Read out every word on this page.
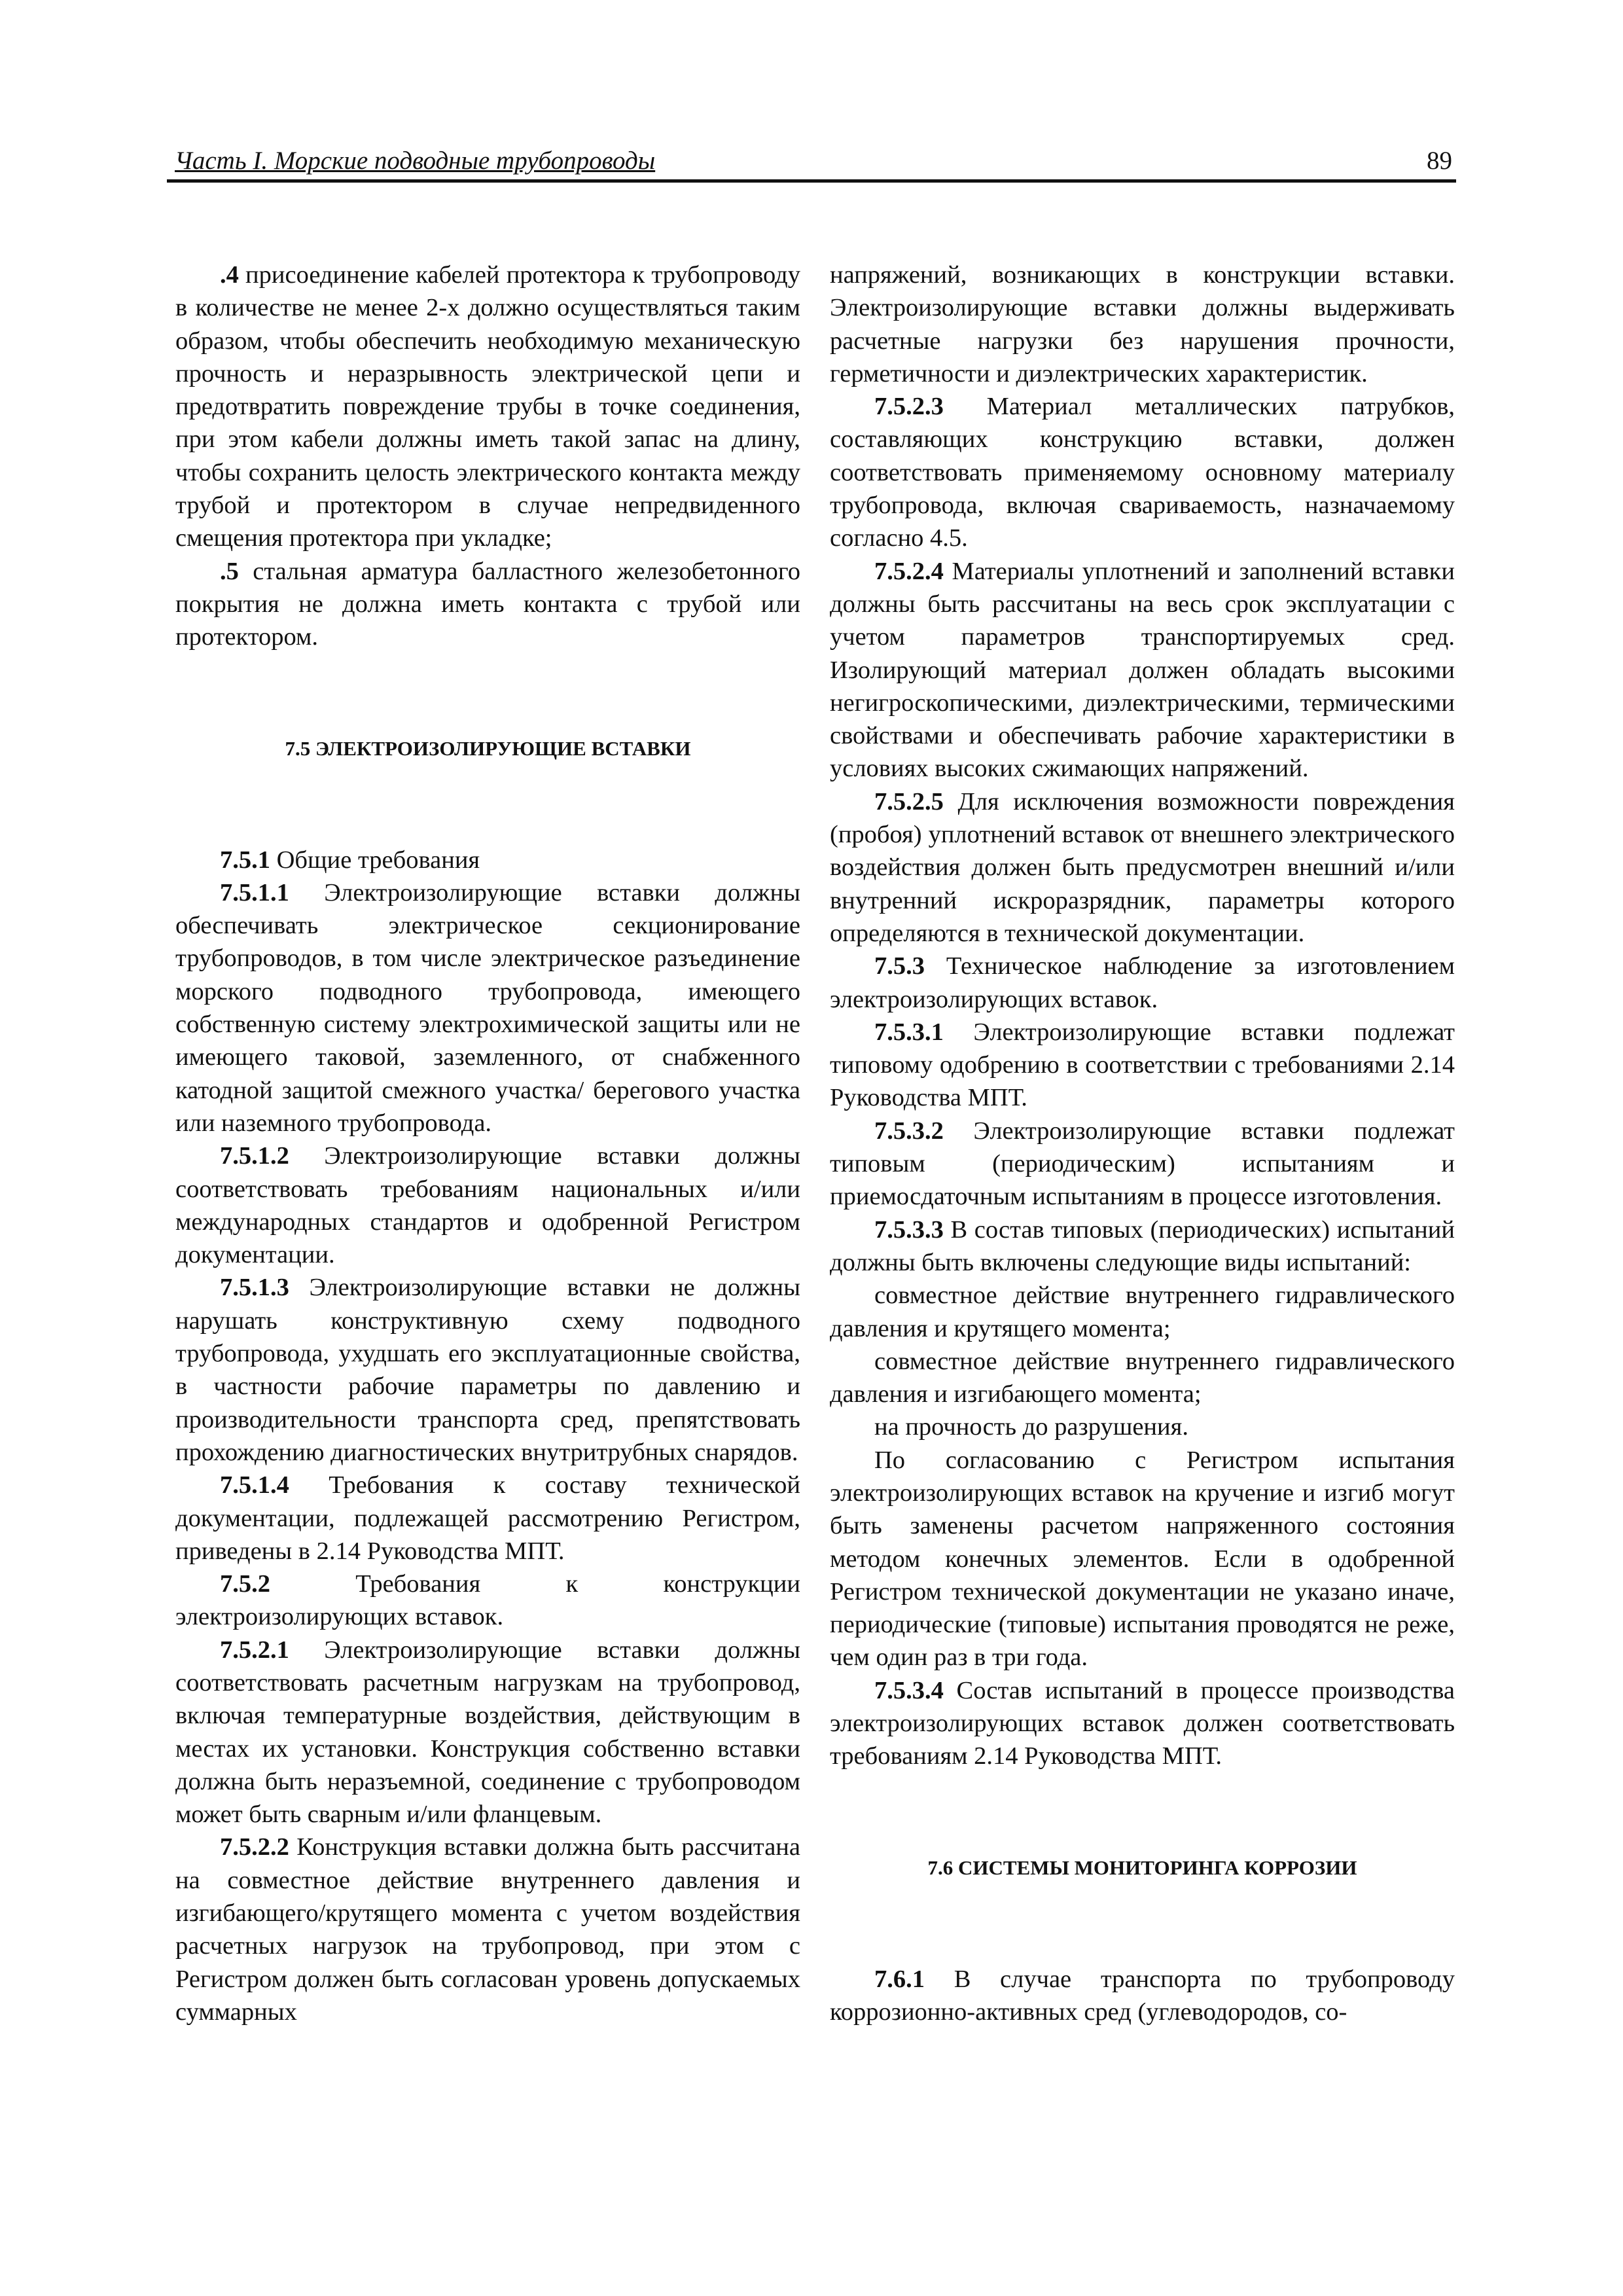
Часть I. Морские подводные трубопроводы	89

.4 присоединение кабелей протектора к трубопроводу в количестве не менее 2-х должно осуществляться таким образом, чтобы обеспечить необходимую механическую прочность и неразрывность электрической цепи и предотвратить повреждение трубы в точке соединения, при этом кабели должны иметь такой запас на длину, чтобы сохранить целость электрического контакта между трубой и протектором в случае непредвиденного смещения протектора при укладке;

.5 стальная арматура балластного железобетонного покрытия не должна иметь контакта с трубой или протектором.

7.5 ЭЛЕКТРОИЗОЛИРУЮЩИЕ ВСТАВКИ

7.5.1 Общие требования

7.5.1.1 Электроизолирующие вставки должны обеспечивать электрическое секционирование трубопроводов, в том числе электрическое разъединение морского подводного трубопровода, имеющего собственную систему электрохимической защиты или не имеющего таковой, заземленного, от снабженного катодной защитой смежного участка/ берегового участка или наземного трубопровода.

7.5.1.2 Электроизолирующие вставки должны соответствовать требованиям национальных и/или международных стандартов и одобренной Регистром документации.

7.5.1.3 Электроизолирующие вставки не должны нарушать конструктивную схему подводного трубопровода, ухудшать его эксплуатационные свойства, в частности рабочие параметры по давлению и производительности транспорта сред, препятствовать прохождению диагностических внутритрубных снарядов.

7.5.1.4 Требования к составу технической документации, подлежащей рассмотрению Регистром, приведены в 2.14 Руководства МПТ.

7.5.2 Требования к конструкции электроизолирующих вставок.

7.5.2.1 Электроизолирующие вставки должны соответствовать расчетным нагрузкам на трубопровод, включая температурные воздействия, действующим в местах их установки. Конструкция собственно вставки должна быть неразъемной, соединение с трубопроводом может быть сварным и/или фланцевым.

7.5.2.2 Конструкция вставки должна быть рассчитана на совместное действие внутреннего давления и изгибающего/крутящего момента с учетом воздействия расчетных нагрузок на трубопровод, при этом с Регистром должен быть согласован уровень допускаемых суммарных

напряжений, возникающих в конструкции вставки. Электроизолирующие вставки должны выдерживать расчетные нагрузки без нарушения прочности, герметичности и диэлектрических характеристик.

7.5.2.3 Материал металлических патрубков, составляющих конструкцию вставки, должен соответствовать применяемому основному материалу трубопровода, включая свариваемость, назначаемому согласно 4.5.

7.5.2.4 Материалы уплотнений и заполнений вставки должны быть рассчитаны на весь срок эксплуатации с учетом параметров транспортируемых сред. Изолирующий материал должен обладать высокими негигроскопическими, диэлектрическими, термическими свойствами и обеспечивать рабочие характеристики в условиях высоких сжимающих напряжений.

7.5.2.5 Для исключения возможности повреждения (пробоя) уплотнений вставок от внешнего электрического воздействия должен быть предусмотрен внешний и/или внутренний искроразрядник, параметры которого определяются в технической документации.

7.5.3 Техническое наблюдение за изготовлением электроизолирующих вставок.

7.5.3.1 Электроизолирующие вставки подлежат типовому одобрению в соответствии с требованиями 2.14 Руководства МПТ.

7.5.3.2 Электроизолирующие вставки подлежат типовым (периодическим) испытаниям и приемосдаточным испытаниям в процессе изготовления.

7.5.3.3 В состав типовых (периодических) испытаний должны быть включены следующие виды испытаний:

совместное действие внутреннего гидравлического давления и крутящего момента;

совместное действие внутреннего гидравлического давления и изгибающего момента;

на прочность до разрушения.

По согласованию с Регистром испытания электроизолирующих вставок на кручение и изгиб могут быть заменены расчетом напряженного состояния методом конечных элементов. Если в одобренной Регистром технической документации не указано иначе, периодические (типовые) испытания проводятся не реже, чем один раз в три года.

7.5.3.4 Состав испытаний в процессе производства электроизолирующих вставок должен соответствовать требованиям 2.14 Руководства МПТ.

7.6 СИСТЕМЫ МОНИТОРИНГА КОРРОЗИИ

7.6.1 В случае транспорта по трубопроводу коррозионно-активных сред (углеводородов, со-
